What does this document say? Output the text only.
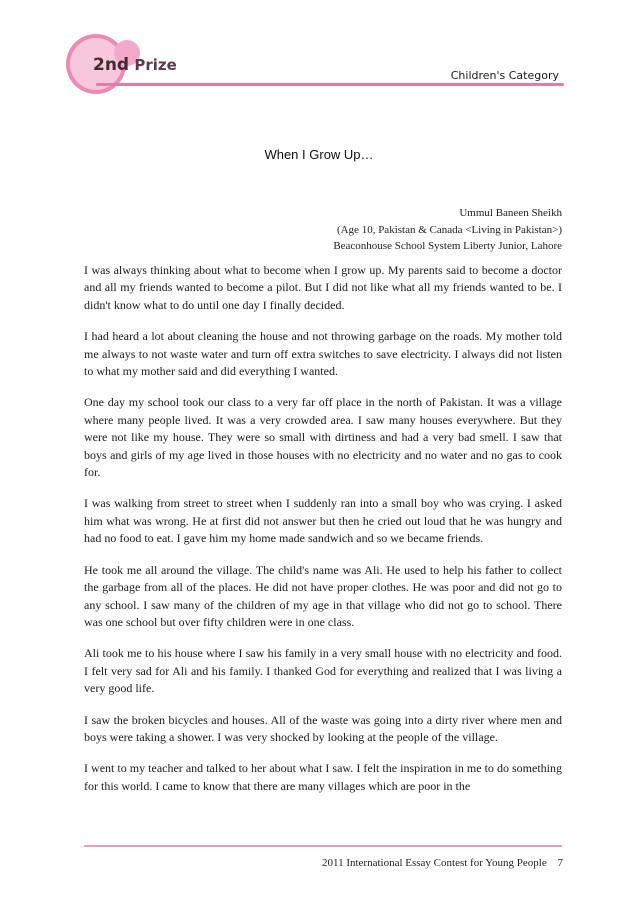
2nd Prize
Children's Category
When I Grow Up…
Ummul Baneen Sheikh
(Age 10, Pakistan & Canada <Living in Pakistan>)
Beaconhouse School System Liberty Junior, Lahore

I was always thinking about what to become when I grow up. My parents said to become a doctor and all my friends wanted to become a pilot. But I did not like what all my friends wanted to be. I didn't know what to do until one day I finally decided.

I had heard a lot about cleaning the house and not throwing garbage on the roads. My mother told me always to not waste water and turn off extra switches to save electricity. I always did not listen to what my mother said and did everything I wanted.

One day my school took our class to a very far off place in the north of Pakistan. It was a village where many people lived. It was a very crowded area. I saw many houses everywhere. But they were not like my house. They were so small with dirtiness and had a very bad smell. I saw that boys and girls of my age lived in those houses with no electricity and no water and no gas to cook for.

I was walking from street to street when I suddenly ran into a small boy who was crying. I asked him what was wrong. He at first did not answer but then he cried out loud that he was hungry and had no food to eat. I gave him my home made sandwich and so we became friends.

He took me all around the village. The child's name was Ali. He used to help his father to collect the garbage from all of the places. He did not have proper clothes. He was poor and did not go to any school. I saw many of the children of my age in that village who did not go to school. There was one school but over fifty children were in one class.

Ali took me to his house where I saw his family in a very small house with no electricity and food. I felt very sad for Ali and his family. I thanked God for everything and realized that I was living a very good life.

I saw the broken bicycles and houses. All of the waste was going into a dirty river where men and boys were taking a shower. I was very shocked by looking at the people of the village.

I went to my teacher and talked to her about what I saw. I felt the inspiration in me to do something for this world. I came to know that there are many villages which are poor in the

2011 International Essay Contest for Young People 7
